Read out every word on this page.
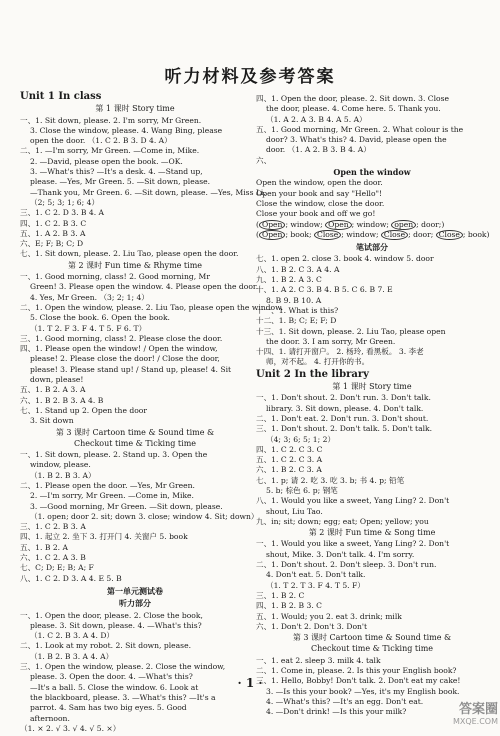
听力材料及参考答案
Unit 1 In class
第 1 课时 Story time
一、1. Sit down, please. 2. I'm sorry, Mr Green.
3. Close the window, please. 4. Wang Bing, please
open the door. （1. C 2. B 3. D 4. A）
二、1. —I'm sorry, Mr Green. —Come in, Mike.
2. —David, please open the book. —OK.
3. —What's this? —It's a desk. 4. —Stand up,
please. —Yes, Mr Green. 5. —Sit down, please.
—Thank you, Mr Green. 6. —Sit down, please. —Yes, Miss Li.
（2; 5; 3; 1; 6; 4）
三、1. C 2. D 3. B 4. A
四、1. C 2. B 3. C
五、1. A 2. B 3. A
六、E; F; B; C; D
七、1. Sit down, please. 2. Liu Tao, please open the door.
第 2 课时 Fun time & Rhyme time
一、1. Good morning, class! 2. Good morning, Mr
Green! 3. Please open the window. 4. Please open the door.
4. Yes, Mr Green. （3; 2; 1; 4）
二、1. Open the window, please. 2. Liu Tao, please open the window.
5. Close the book. 6. Open the book.
（1. T 2. F 3. F 4. T 5. F 6. T）
三、1. Good morning, class! 2. Please close the door.
四、1. Please open the window! / Open the window,
please! 2. Please close the door! / Close the door,
please! 3. Please stand up! / Stand up, please! 4. Sit
down, please!
五、1. B 2. A 3. A
六、1. B 2. B 3. A 4. B
七、1. Stand up 2. Open the door
3. Sit down
第 3 课时 Cartoon time & Sound time &
Checkout time & Ticking time
一、1. Sit down, please. 2. Stand up. 3. Open the
window, please.
（1. B 2. B 3. A）
二、1. Please open the door. —Yes, Mr Green.
2. —I'm sorry, Mr Green. —Come in, Mike.
3. —Good morning, Mr Green. —Sit down, please.
（1. open; door 2. sit; down 3. close; window 4. Sit; down）
三、1. C 2. B 3. A
四、1. 起立 2. 坐下 3. 打开门 4. 关窗户 5. book
五、1. B 2. A
六、1. C 2. A 3. B
七、C; D; E; B; A; F
八、1. C 2. D 3. A 4. E 5. B
第一单元测试卷
听力部分
一、1. Open the door, please. 2. Close the book,
please. 3. Sit down, please. 4. —What's this?
（1. C 2. B 3. A 4. D）
二、1. Look at my robot. 2. Sit down, please.
（1. B 2. B 3. A 4. A）
三、1. Open the window, please. 2. Close the window,
please. 3. Open the door. 4. —What's this?
—It's a ball. 5. Close the window. 6. Look at
the blackboard, please. 3. —What's this? —It's a
parrot. 4. Sam has two big eyes. 5. Good
afternoon.
（1. × 2. √ 3. √ 4. √ 5. ×）
四、1. Open the door, please. 2. Sit down. 3. Close
the door, please. 4. Come here. 5. Thank you.
（1. A 2. A 3. B 4. A 5. A）
五、1. Good morning, Mr Green. 2. What colour is the
door? 3. What's this? 4. David, please open the
door. （1. A 2. B 3. B 4. A）
六、
Open the window
Open the window, open the door.
Open your book and say "Hello"!
Close the window, close the door.
Close your book and off we go!
( Open ; window; Open ; window; open ; door;)
( Open ; book; Close ; window; Close ; door; Close ; book)
笔试部分
七、1. open 2. close 3. book 4. window 5. door
八、1. B 2. C 3. A 4. A
九、1. B 2. A 3. C
十、1. A 2. C 3. B 4. B 5. C 6. B 7. E
8. B 9. B 10. A
十一、1. What is this?
十二、1. B; C; E; F; D
十三、1. Sit down, please. 2. Liu Tao, please open
the door. 3. I am sorry, Mr Green.
十四、1. 请打开窗户。 2. 杨玲, 看黑板。 3. 李老
师，对不起。 4. 打开你的书。
Unit 2 In the library
第 1 课时 Story time
一、1. Don't shout. 2. Don't run. 3. Don't talk.
library. 3. Sit down, please. 4. Don't talk.
二、1. Don't eat. 2. Don't run. 3. Don't shout.
三、1. Don't shout. 2. Don't talk. 5. Don't talk.
（4; 3; 6; 5; 1; 2）
四、1. C 2. C 3. C
五、1. C 2. C 3. A
六、1. B 2. C 3. A
七、1. p; 请 2. 吃 3. 吃 3. b; 书 4. p; 铅笔
5. b; 棕色 6. p; 钢笔
八、1. Would you like a sweet, Yang Ling? 2. Don't
shout, Liu Tao.
九、in; sit; down; egg; eat; Open; yellow; you
第 2 课时 Fun time & Song time
一、1. Would you like a sweet, Yang Ling? 2. Don't
shout, Mike. 3. Don't talk. 4. I'm sorry.
二、1. Don't shout. 2. Don't sleep. 3. Don't run.
4. Don't eat. 5. Don't talk.
（1. T 2. T 3. F 4. T 5. F）
三、1. B 2. C
四、1. B 2. B 3. C
五、1. Would; you 2. eat 3. drink; milk
六、1. Don't 2. Don't 3. Don't
第 3 课时 Cartoon time & Sound time &
Checkout time & Ticking time
一、1. eat 2. sleep 3. milk 4. talk
二、1. Come in, please. 2. Is this your English book?
三、1. Hello, Bobby! Don't talk. 2. Don't eat my cake!
3. —Is this your book? —Yes, it's my English book.
4. —What's this? —It's an egg. Don't eat.
4. —Don't drink! —Is this your milk?
· 1 ·
答案圈
MXQE.COM
